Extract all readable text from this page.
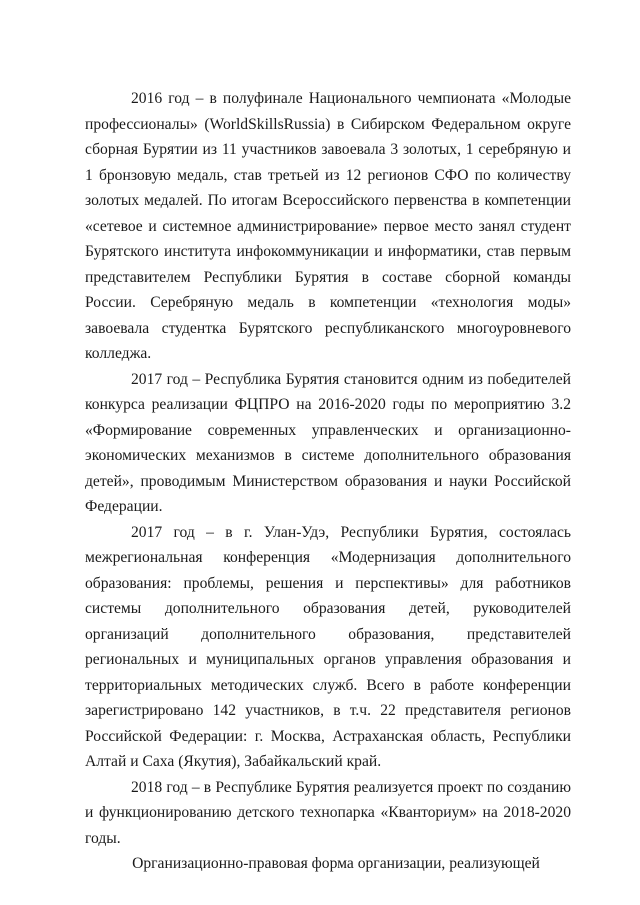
2016 год – в полуфинале Национального чемпионата «Молодые профессионалы» (WorldSkillsRussia) в Сибирском Федеральном округе сборная Бурятии из 11 участников завоевала 3 золотых, 1 серебряную и 1 бронзовую медаль, став третьей из 12 регионов СФО по количеству золотых медалей. По итогам Всероссийского первенства в компетенции «сетевое и системное администрирование» первое место занял студент Бурятского института инфокоммуникации и информатики, став первым представителем Республики Бурятия в составе сборной команды России. Серебряную медаль в компетенции «технология моды» завоевала студентка Бурятского республиканского многоуровневого колледжа.

2017 год – Республика Бурятия становится одним из победителей конкурса реализации ФЦПРО на 2016-2020 годы по мероприятию 3.2 «Формирование современных управленческих и организационно-экономических механизмов в системе дополнительного образования детей», проводимым Министерством образования и науки Российской Федерации.

2017 год – в г. Улан-Удэ, Республики Бурятия, состоялась межрегиональная конференция «Модернизация дополнительного образования: проблемы, решения и перспективы» для работников системы дополнительного образования детей, руководителей организаций дополнительного образования, представителей региональных и муниципальных органов управления образования и территориальных методических служб. Всего в работе конференции зарегистрировано 142 участников, в т.ч. 22 представителя регионов Российской Федерации: г. Москва, Астраханская область, Республики Алтай и Саха (Якутия), Забайкальский край.

2018 год – в Республике Бурятия реализуется проект по созданию и функционированию детского технопарка «Кванториум» на 2018-2020 годы.

Организационно-правовая форма организации, реализующей
